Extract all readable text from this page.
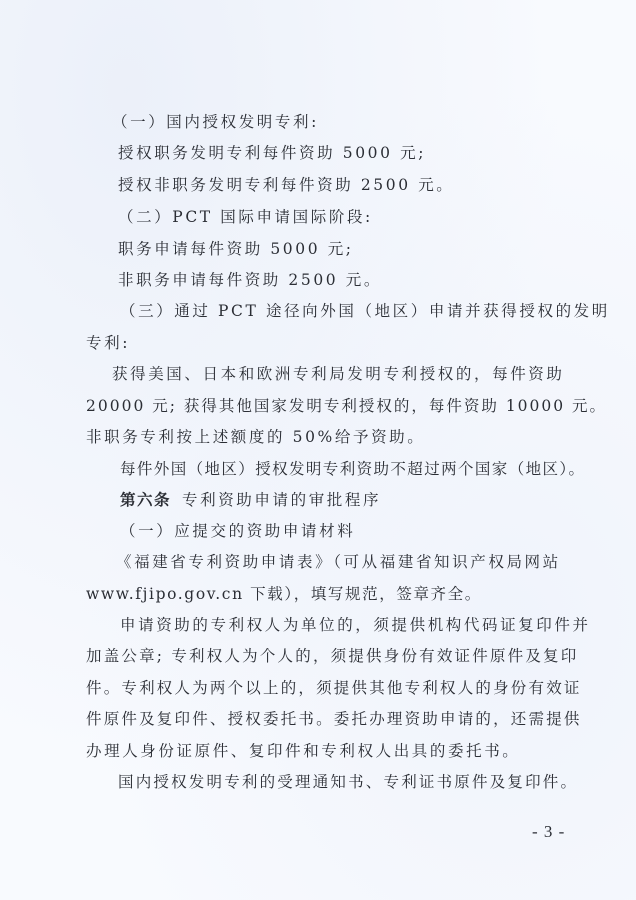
（一）国内授权发明专利:
授权职务发明专利每件资助 5000 元;
授权非职务发明专利每件资助 2500 元。
（二）PCT 国际申请国际阶段:
职务申请每件资助 5000 元;
非职务申请每件资助 2500 元。
（三）通过 PCT 途径向外国（地区）申请并获得授权的发明
专利:
获得美国、日本和欧洲专利局发明专利授权的，每件资助
20000 元; 获得其他国家发明专利授权的，每件资助 10000 元。
非职务专利按上述额度的 50%给予资助。
每件外国（地区）授权发明专利资助不超过两个国家（地区）。
第六条 专利资助申请的审批程序
（一）应提交的资助申请材料
《福建省专利资助申请表》（可从福建省知识产权局网站
www.fjipo.gov.cn 下载），填写规范，签章齐全。
申请资助的专利权人为单位的，须提供机构代码证复印件并
加盖公章; 专利权人为个人的，须提供身份有效证件原件及复印
件。专利权人为两个以上的，须提供其他专利权人的身份有效证
件原件及复印件、授权委托书。委托办理资助申请的，还需提供
办理人身份证原件、复印件和专利权人出具的委托书。
国内授权发明专利的受理通知书、专利证书原件及复印件。
- 3 -
